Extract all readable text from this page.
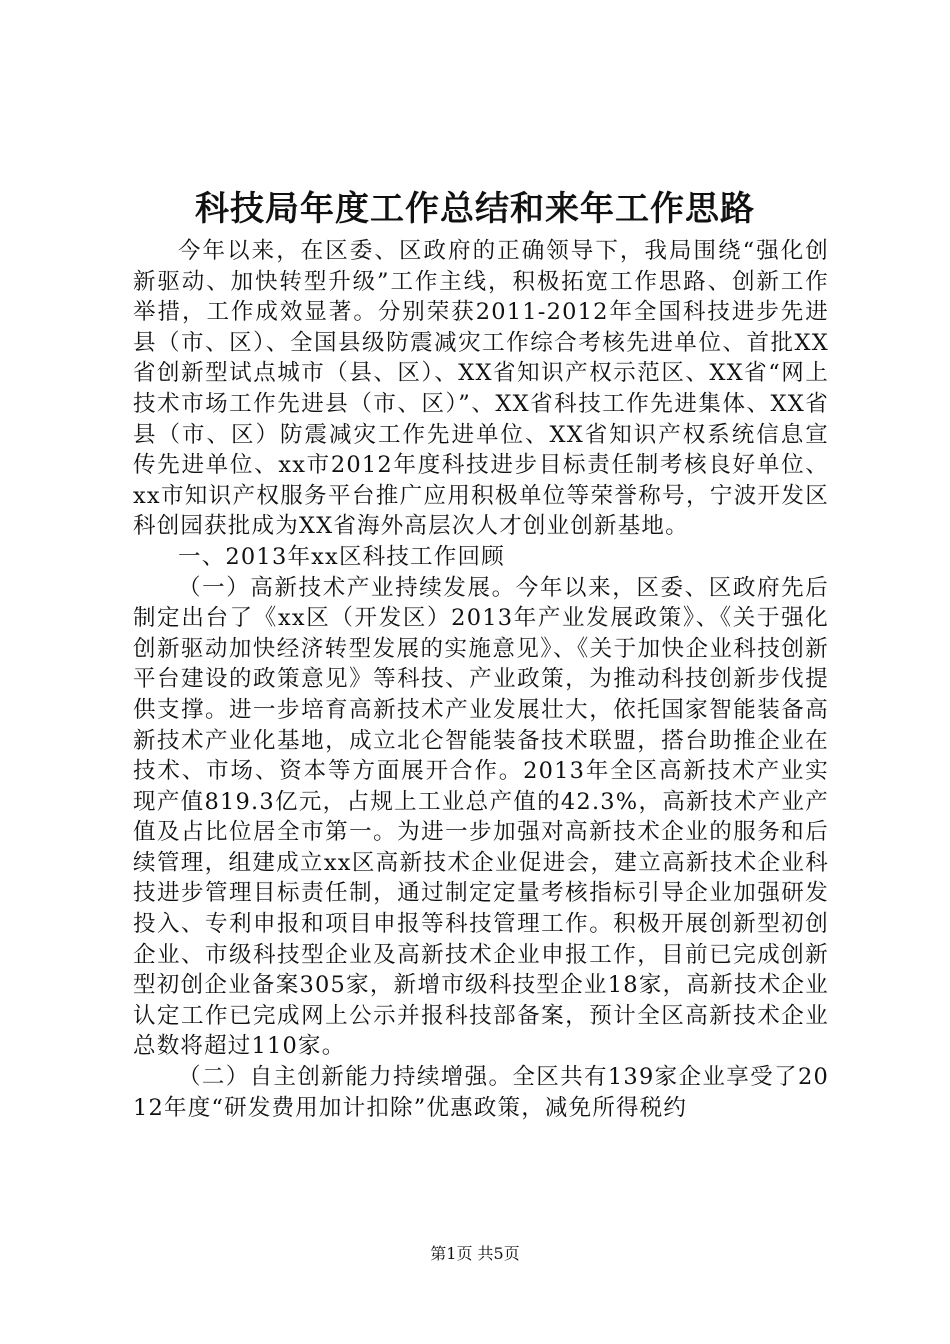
科技局年度工作总结和来年工作思路

今年以来，在区委、区政府的正确领导下，我局围绕“强化创新驱动、加快转型升级”工作主线，积极拓宽工作思路、创新工作举措，工作成效显著。分别荣获2011-2012年全国科技进步先进县（市、区）、全国县级防震减灾工作综合考核先进单位、首批XX省创新型试点城市（县、区）、XX省知识产权示范区、XX省“网上技术市场工作先进县（市、区）”、XX省科技工作先进集体、XX省县（市、区）防震减灾工作先进单位、XX省知识产权系统信息宣传先进单位、xx市2012年度科技进步目标责任制考核良好单位、xx市知识产权服务平台推广应用积极单位等荣誉称号，宁波开发区科创园获批成为XX省海外高层次人才创业创新基地。

一、2013年xx区科技工作回顾

（一）高新技术产业持续发展。今年以来，区委、区政府先后制定出台了《xx区（开发区）2013年产业发展政策》、《关于强化创新驱动加快经济转型发展的实施意见》、《关于加快企业科技创新平台建设的政策意见》等科技、产业政策，为推动科技创新步伐提供支撑。进一步培育高新技术产业发展壮大，依托国家智能装备高新技术产业化基地，成立北仑智能装备技术联盟，搭台助推企业在技术、市场、资本等方面展开合作。2013年全区高新技术产业实现产值819.3亿元，占规上工业总产值的42.3%，高新技术产业产值及占比位居全市第一。为进一步加强对高新技术企业的服务和后续管理，组建成立xx区高新技术企业促进会，建立高新技术企业科技进步管理目标责任制，通过制定定量考核指标引导企业加强研发投入、专利申报和项目申报等科技管理工作。积极开展创新型初创企业、市级科技型企业及高新技术企业申报工作，目前已完成创新型初创企业备案305家，新增市级科技型企业18家，高新技术企业认定工作已完成网上公示并报科技部备案，预计全区高新技术企业总数将超过110家。

（二）自主创新能力持续增强。全区共有139家企业享受了2012年度“研发费用加计扣除”优惠政策，减免所得税约

第1页 共5页
